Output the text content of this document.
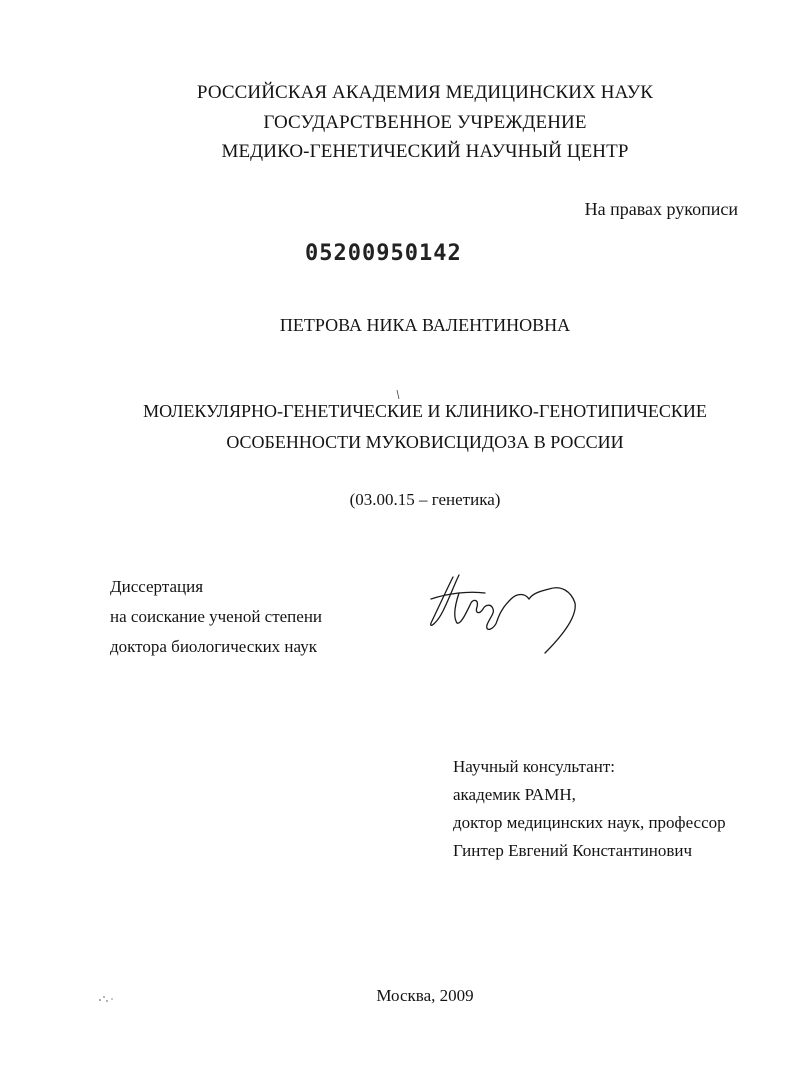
РОССИЙСКАЯ АКАДЕМИЯ МЕДИЦИНСКИХ НАУК
ГОСУДАРСТВЕННОЕ УЧРЕЖДЕНИЕ
МЕДИКО-ГЕНЕТИЧЕСКИЙ НАУЧНЫЙ ЦЕНТР
На правах рукописи
05200950142
ПЕТРОВА НИКА ВАЛЕНТИНОВНА
МОЛЕКУЛЯРНО-ГЕНЕТИЧЕСКИЕ И КЛИНИКО-ГЕНОТИПИЧЕСКИЕ
ОСОБЕННОСТИ МУКОВИСЦИДОЗА В РОССИИ
(03.00.15 – генетика)
Диссертация
на соискание ученой степени
доктора биологических наук
Научный консультант:
академик РАМН,
доктор медицинских наук, профессор
Гинтер Евгений Константинович
Москва, 2009
